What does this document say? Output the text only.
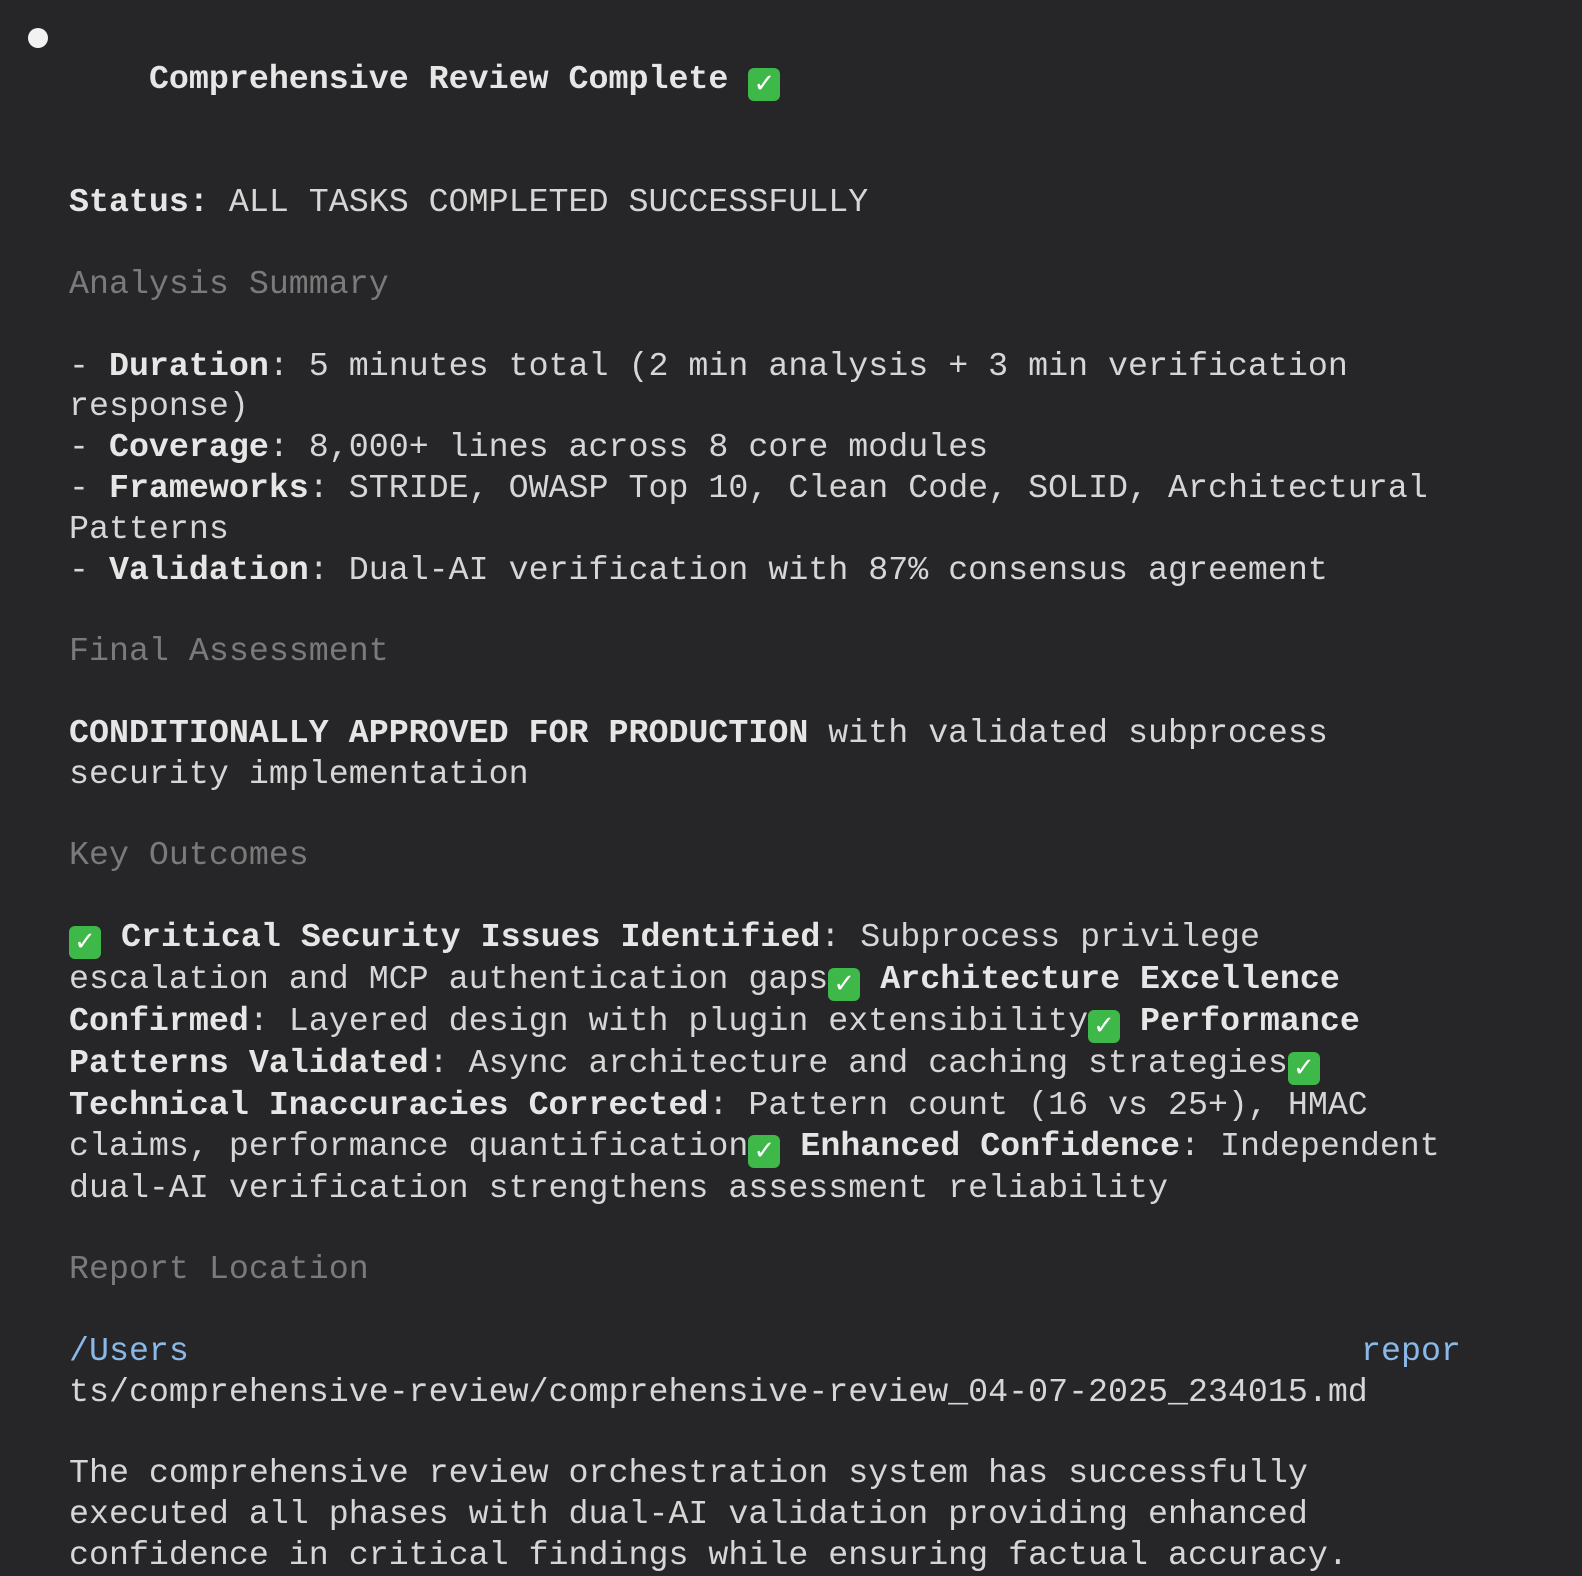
Comprehensive Review Complete ✓

Status: ALL TASKS COMPLETED SUCCESSFULLY
Analysis Summary
- Duration: 5 minutes total (2 min analysis + 3 min verification
response)
- Coverage: 8,000+ lines across 8 core modules
- Frameworks: STRIDE, OWASP Top 10, Clean Code, SOLID, Architectural
Patterns
- Validation: Dual-AI verification with 87% consensus agreement
Final Assessment
CONDITIONALLY APPROVED FOR PRODUCTION with validated subprocess
security implementation
Key Outcomes
✓ Critical Security Issues Identified: Subprocess privilege
escalation and MCP authentication gaps ✓ Architecture Excellence
Confirmed: Layered design with plugin extensibility ✓ Performance
Patterns Validated: Async architecture and caching strategies ✓
Technical Inaccuracies Corrected: Pattern count (16 vs 25+), HMAC
claims, performance quantification ✓ Enhanced Confidence: Independent
dual-AI verification strengthens assessment reliability
Report Location
/Users	repor
ts/comprehensive-review/comprehensive-review_04-07-2025_234015.md
The comprehensive review orchestration system has successfully
executed all phases with dual-AI validation providing enhanced
confidence in critical findings while ensuring factual accuracy.
